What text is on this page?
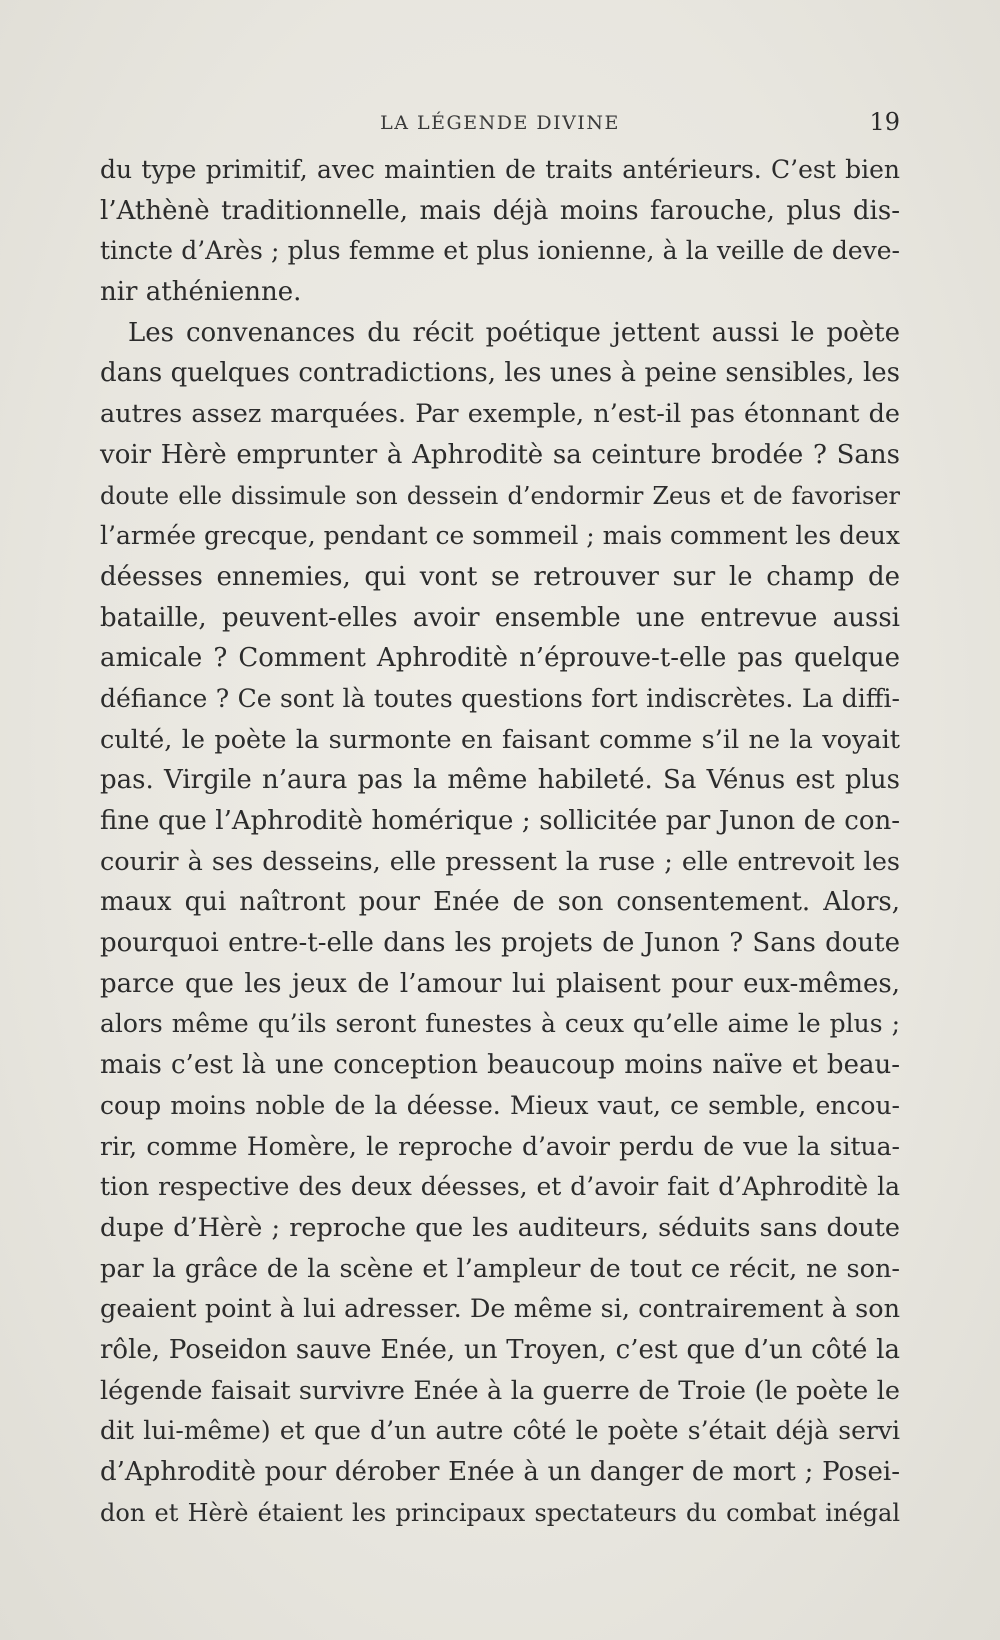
LA LÉGENDE DIVINE	19
du type primitif, avec maintien de traits antérieurs. C’est bien
l’Athènè traditionnelle, mais déjà moins farouche, plus dis-
tincte d’Arès ; plus femme et plus ionienne, à la veille de deve-
nir athénienne.
Les convenances du récit poétique jettent aussi le poète
dans quelques contradictions, les unes à peine sensibles, les
autres assez marquées. Par exemple, n’est-il pas étonnant de
voir Hèrè emprunter à Aphroditè sa ceinture brodée ? Sans
doute elle dissimule son dessein d’endormir Zeus et de favoriser
l’armée grecque, pendant ce sommeil ; mais comment les deux
déesses ennemies, qui vont se retrouver sur le champ de
bataille, peuvent-elles avoir ensemble une entrevue aussi
amicale ? Comment Aphroditè n’éprouve-t-elle pas quelque
défiance ? Ce sont là toutes questions fort indiscrètes. La diffi-
culté, le poète la surmonte en faisant comme s’il ne la voyait
pas. Virgile n’aura pas la même habileté. Sa Vénus est plus
fine que l’Aphroditè homérique ; sollicitée par Junon de con-
courir à ses desseins, elle pressent la ruse ; elle entrevoit les
maux qui naîtront pour Enée de son consentement. Alors,
pourquoi entre-t-elle dans les projets de Junon ? Sans doute
parce que les jeux de l’amour lui plaisent pour eux-mêmes,
alors même qu’ils seront funestes à ceux qu’elle aime le plus ;
mais c’est là une conception beaucoup moins naïve et beau-
coup moins noble de la déesse. Mieux vaut, ce semble, encou-
rir, comme Homère, le reproche d’avoir perdu de vue la situa-
tion respective des deux déesses, et d’avoir fait d’Aphroditè la
dupe d’Hèrè ; reproche que les auditeurs, séduits sans doute
par la grâce de la scène et l’ampleur de tout ce récit, ne son-
geaient point à lui adresser. De même si, contrairement à son
rôle, Poseidon sauve Enée, un Troyen, c’est que d’un côté la
légende faisait survivre Enée à la guerre de Troie (le poète le
dit lui-même) et que d’un autre côté le poète s’était déjà servi
d’Aphroditè pour dérober Enée à un danger de mort ; Posei-
don et Hèrè étaient les principaux spectateurs du combat inégal
